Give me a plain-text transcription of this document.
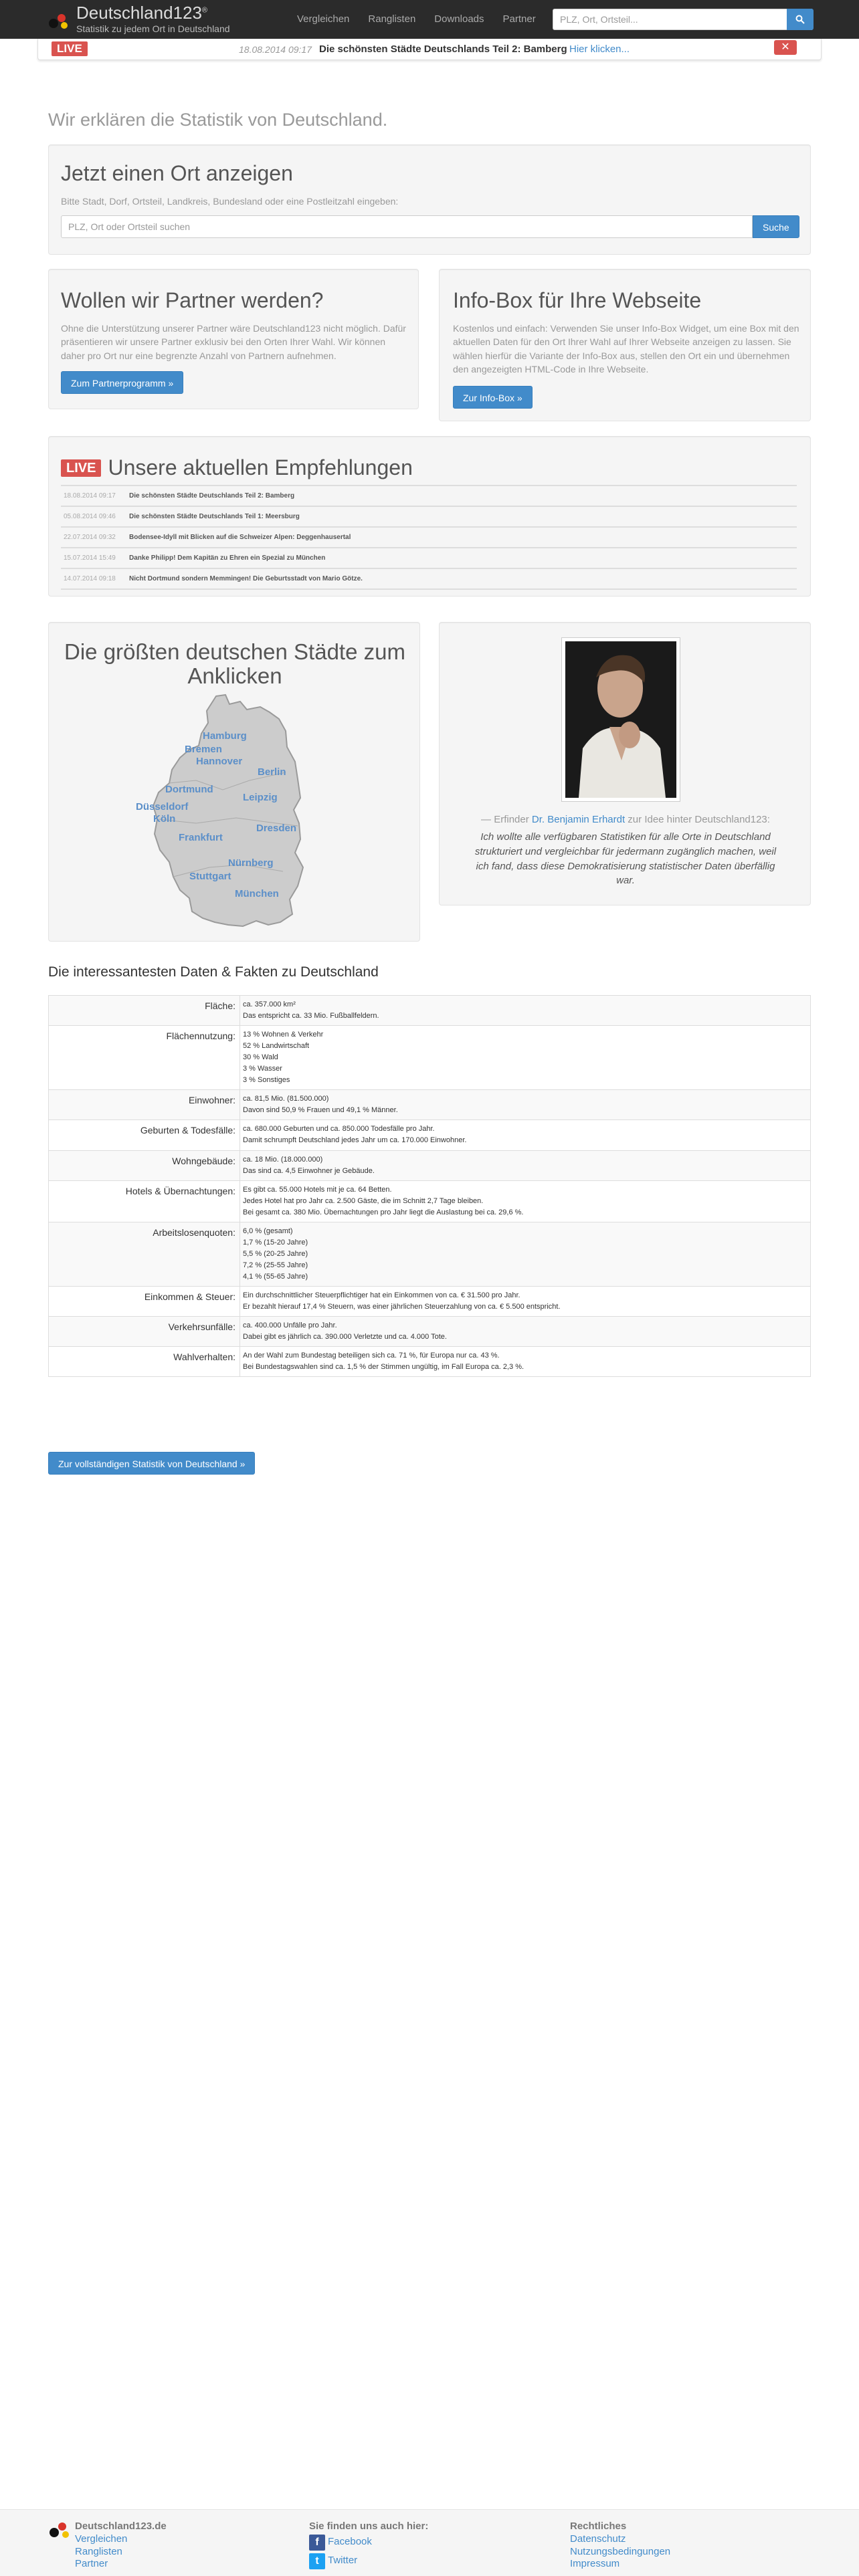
Deutschland123®
Statistik zu jedem Ort in Deutschland
Vergleichen	Ranglisten	Downloads	Partner	PLZ, Ort, Ortsteil...
LIVE	18.08.2014 09:17 Die schönsten Städte Deutschlands Teil 2: Bamberg Hier klicken...	✕
Wir erklären die Statistik von Deutschland.
Jetzt einen Ort anzeigen

Bitte Stadt, Dorf, Ortsteil, Landkreis, Bundesland oder eine Postleitzahl eingeben:

PLZ, Ort oder Ortsteil suchen	Suche
Wollen wir Partner werden?

Ohne die Unterstützung unserer Partner wäre Deutschland123 nicht möglich. Dafür präsentieren wir unsere Partner exklusiv bei den Orten Ihrer Wahl. Wir können daher pro Ort nur eine begrenzte Anzahl von Partnern aufnehmen.

Zum Partnerprogramm »
Info-Box für Ihre Webseite

Kostenlos und einfach: Verwenden Sie unser Info-Box Widget, um eine Box mit den aktuellen Daten für den Ort Ihrer Wahl auf Ihrer Webseite anzeigen zu lassen. Sie wählen hierfür die Variante der Info-Box aus, stellen den Ort ein und übernehmen den angezeigten HTML-Code in Ihre Webseite.

Zur Info-Box »
LIVE Unsere aktuellen Empfehlungen
18.08.2014 09:17	Die schönsten Städte Deutschlands Teil 2: Bamberg
05.08.2014 09:46	Die schönsten Städte Deutschlands Teil 1: Meersburg
22.07.2014 09:32	Bodensee-Idyll mit Blicken auf die Schweizer Alpen: Deggenhausertal
15.07.2014 15:49	Danke Philipp! Dem Kapitän zu Ehren ein Spezial zu München
14.07.2014 09:18	Nicht Dortmund sondern Memmingen! Die Geburtsstadt von Mario Götze.
Die größten deutschen Städte zum Anklicken
Hamburg
Bremen
Hannover
Berlin
Dortmund
Leipzig
Düsseldorf
Köln
Dresden
Frankfurt
Nürnberg
Stuttgart
München
— Erfinder Dr. Benjamin Erhardt zur Idee hinter Deutschland123:
Ich wollte alle verfügbaren Statistiken für alle Orte in Deutschland strukturiert und vergleichbar für jedermann zugänglich machen, weil ich fand, dass diese Demokratisierung statistischer Daten überfällig war.
Die interessantesten Daten & Fakten zu Deutschland
Fläche:	ca. 357.000 km²
Das entspricht ca. 33 Mio. Fußballfeldern.

Flächennutzung:	13 % Wohnen & Verkehr
52 % Landwirtschaft
30 % Wald
3 % Wasser
3 % Sonstiges

Einwohner:	ca. 81,5 Mio. (81.500.000)
Davon sind 50,9 % Frauen und 49,1 % Männer.

Geburten & Todesfälle:	ca. 680.000 Geburten und ca. 850.000 Todesfälle pro Jahr.
Damit schrumpft Deutschland jedes Jahr um ca. 170.000 Einwohner.

Wohngebäude:	ca. 18 Mio. (18.000.000)
Das sind ca. 4,5 Einwohner je Gebäude.

Hotels & Übernachtungen:	Es gibt ca. 55.000 Hotels mit je ca. 64 Betten.
Jedes Hotel hat pro Jahr ca. 2.500 Gäste, die im Schnitt 2,7 Tage bleiben.
Bei gesamt ca. 380 Mio. Übernachtungen pro Jahr liegt die Auslastung bei ca. 29,6 %.

Arbeitslosenquoten:	6,0 % (gesamt)
1,7 % (15-20 Jahre)
5,5 % (20-25 Jahre)
7,2 % (25-55 Jahre)
4,1 % (55-65 Jahre)

Einkommen & Steuer:	Ein durchschnittlicher Steuerpflichtiger hat ein Einkommen von ca. € 31.500 pro Jahr.
Er bezahlt hierauf 17,4 % Steuern, was einer jährlichen Steuerzahlung von ca. € 5.500 entspricht.

Verkehrsunfälle:	ca. 400.000 Unfälle pro Jahr.
Dabei gibt es jährlich ca. 390.000 Verletzte und ca. 4.000 Tote.

Wahlverhalten:	An der Wahl zum Bundestag beteiligen sich ca. 71 %, für Europa nur ca. 43 %.
Bei Bundestagswahlen sind ca. 1,5 % der Stimmen ungültig, im Fall Europa ca. 2,3 %.
Zur vollständigen Statistik von Deutschland »
Deutschland123.de
Vergleichen
Ranglisten
Partner
Sie finden uns auch hier:
f Facebook
t Twitter
Rechtliches
Datenschutz
Nutzungsbedingungen
Impressum
